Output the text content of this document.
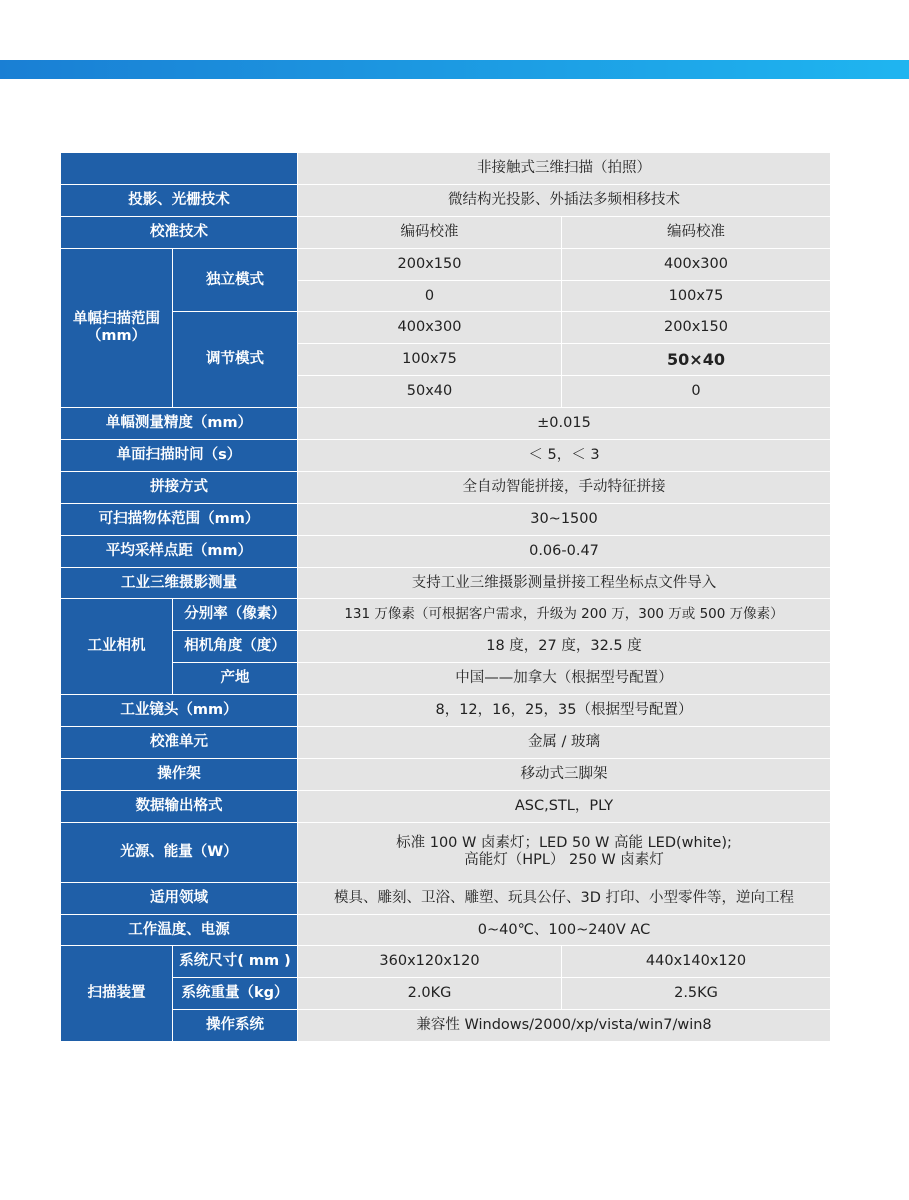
		非接触式三维扫描（拍照）	
投影、光栅技术		微结构光投影、外插法多频相移技术	
校准技术		编码校准	编码校准
单幅扫描范围（mm）	独立模式	200x150	400x300
		0	100x75
	调节模式	400x300	200x150
		100x75	50×40
		50x40	0
单幅测量精度（mm）		±0.015	
单面扫描时间（s）		＜ 5，＜ 3	
拼接方式		全自动智能拼接，手动特征拼接	
可扫描物体范围（mm）		30~1500	
平均采样点距（mm）		0.06-0.47	
工业三维摄影测量		支持工业三维摄影测量拼接工程坐标点文件导入	
工业相机	分别率（像素）	131 万像素（可根据客户需求，升级为 200 万，300 万或 500 万像素）	
	相机角度（度）	18 度，27 度，32.5 度	
	产地	中国——加拿大（根据型号配置）	
工业镜头（mm）		8，12，16，25，35（根据型号配置）	
校准单元		金属 / 玻璃	
操作架		移动式三脚架	
数据输出格式		ASC,STL，PLY	
光源、能量（W）		标准 100 W 卤素灯；LED 50 W 高能 LED(white);
高能灯（HPL） 250 W 卤素灯	

适用领域		模具、雕刻、卫浴、雕塑、玩具公仔、3D 打印、小型零件等，逆向工程	
工作温度、电源		0~40℃、100~240V AC	
扫描装置	系统尺寸( mm )	360x120x120	440x140x120
	系统重量（kg）	2.0KG	2.5KG
	操作系统	兼容性 Windows/2000/xp/vista/win7/win8	
